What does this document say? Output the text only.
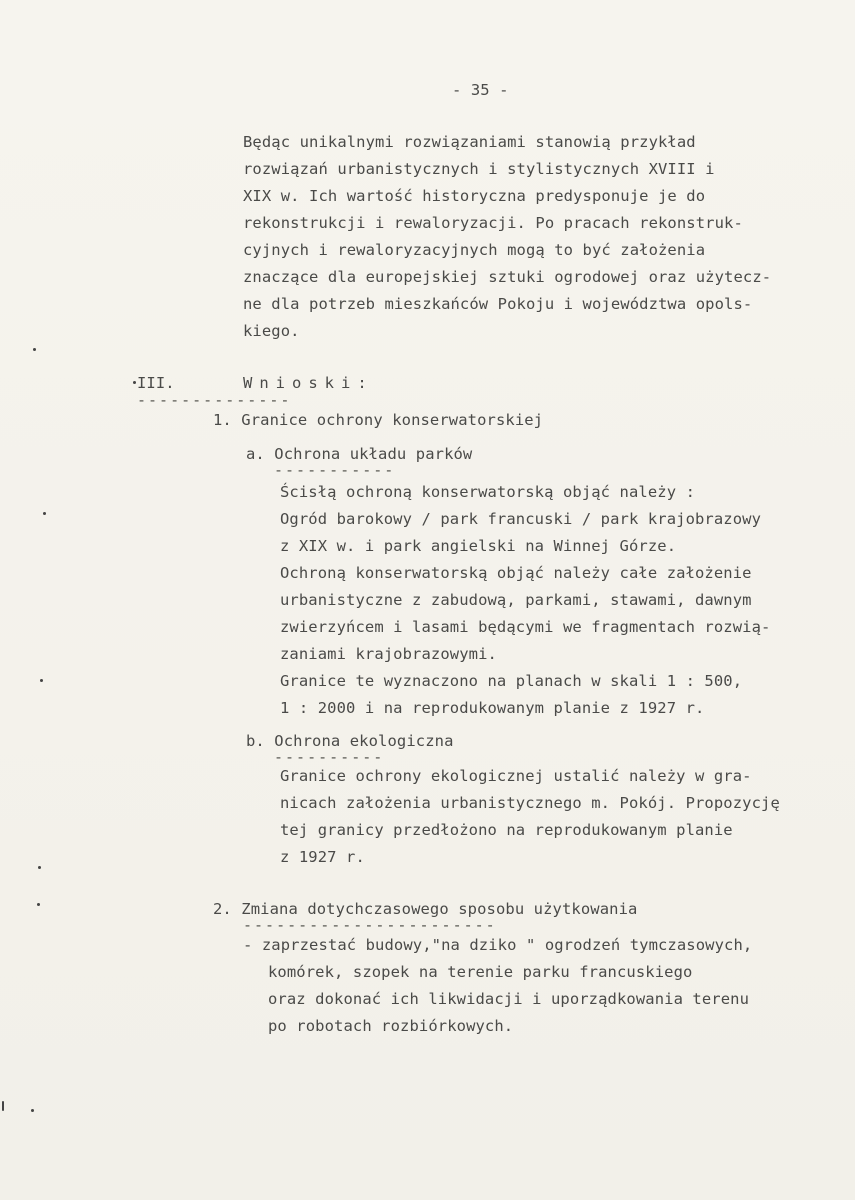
- 35 -
Będąc unikalnymi rozwiązaniami stanowią przykład
rozwiązań urbanistycznych i stylistycznych XVIII i
XIX w. Ich wartość historyczna predysponuje je do
rekonstrukcji i rewaloryzacji. Po pracach rekonstruk-
cyjnych i rewaloryzacyjnych mogą to być założenia
znaczące dla europejskiej sztuki ogrodowej oraz użytecz-
ne dla potrzeb mieszkańców Pokoju i województwa opols-
kiego.
III.	Wnioski:
--------------
1. Granice ochrony konserwatorskiej
a. Ochrona układu parków
-----------
Ścisłą ochroną konserwatorską objąć należy :
Ogród barokowy / park francuski / park krajobrazowy
z XIX w. i park angielski na Winnej Górze.
Ochroną konserwatorską objąć należy całe założenie
urbanistyczne z zabudową, parkami, stawami, dawnym
zwierzyńcem i lasami będącymi we fragmentach rozwią-
zaniami krajobrazowymi.
Granice te wyznaczono na planach w skali 1 : 500,
1 : 2000 i na reprodukowanym planie z 1927 r.
b. Ochrona ekologiczna
----------
Granice ochrony ekologicznej ustalić należy w gra-
nicach założenia urbanistycznego m. Pokój. Propozycję
tej granicy przedłożono na reprodukowanym planie
z 1927 r.
2. Zmiana dotychczasowego sposobu użytkowania
-----------------------
- zaprzestać budowy,"na dziko " ogrodzeń tymczasowych,
komórek, szopek na terenie parku francuskiego
oraz dokonać ich likwidacji i uporządkowania terenu
po robotach rozbiórkowych.
